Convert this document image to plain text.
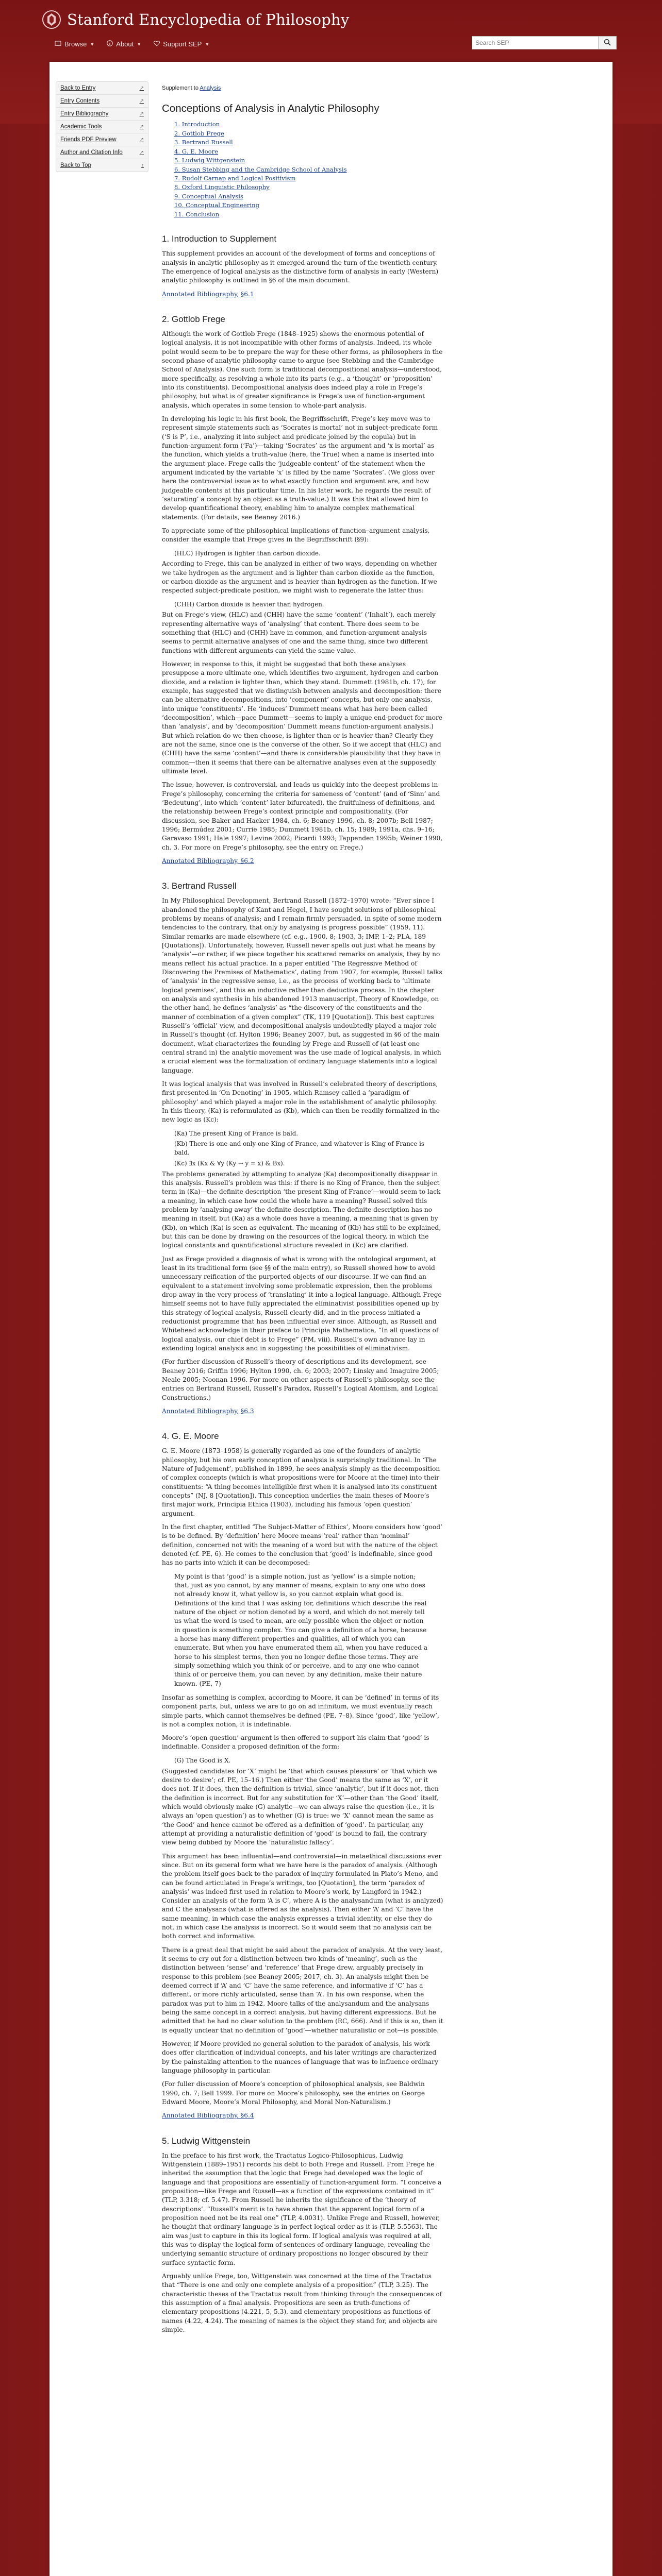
Stanford Encyclopedia of Philosophy
Browse ▼	About ▼	Support SEP ▼
Search SEP
Back to Entry	↗
Entry Contents	↗
Entry Bibliography	↗
Academic Tools	↗
Friends PDF Preview	↗
Author and Citation Info	↗
Back to Top	↑
Supplement to Analysis
Conceptions of Analysis in Analytic Philosophy
1. Introduction
2. Gottlob Frege
3. Bertrand Russell
4. G. E. Moore
5. Ludwig Wittgenstein
6. Susan Stebbing and the Cambridge School of Analysis
7. Rudolf Carnap and Logical Positivism
8. Oxford Linguistic Philosophy
9. Conceptual Analysis
10. Conceptual Engineering
11. Conclusion
1. Introduction to Supplement

This supplement provides an account of the development of forms and conceptions of analysis in analytic philosophy as it emerged around the turn of the twentieth century. The emergence of logical analysis as the distinctive form of analysis in early (Western) analytic philosophy is outlined in §6 of the main document.

Annotated Bibliography, §6.1
2. Gottlob Frege

Although the work of Gottlob Frege (1848–1925) shows the enormous potential of logical analysis, it is not incompatible with other forms of analysis. Indeed, its whole point would seem to be to prepare the way for these other forms, as philosophers in the second phase of analytic philosophy came to argue (see Stebbing and the Cambridge School of Analysis). One such form is traditional decompositional analysis—understood, more specifically, as resolving a whole into its parts (e.g., a ‘thought’ or ‘proposition’ into its constituents). Decompositional analysis does indeed play a role in Frege’s philosophy, but what is of greater significance is Frege’s use of function-argument analysis, which operates in some tension to whole-part analysis.

In developing his logic in his first book, the Begriffsschrift, Frege’s key move was to represent simple statements such as ‘Socrates is mortal’ not in subject-predicate form (‘S is P’, i.e., analyzing it into subject and predicate joined by the copula) but in function-argument form (‘Fa’)—taking ‘Socrates’ as the argument and ‘x is mortal’ as the function, which yields a truth-value (here, the True) when a name is inserted into the argument place. Frege calls the ‘judgeable content’ of the statement when the argument indicated by the variable ‘x’ is filled by the name ‘Socrates’. (We gloss over here the controversial issue as to what exactly function and argument are, and how judgeable contents at this particular time. In his later work, he regards the result of ‘saturating’ a concept by an object as a truth-value.) It was this that allowed him to develop quantificational theory, enabling him to analyze complex mathematical statements. (For details, see Beaney 2016.)

To appreciate some of the philosophical implications of function–argument analysis, consider the example that Frege gives in the Begriffsschrift (§9):

(HLC) Hydrogen is lighter than carbon dioxide.

According to Frege, this can be analyzed in either of two ways, depending on whether we take hydrogen as the argument and is lighter than carbon dioxide as the function, or carbon dioxide as the argument and is heavier than hydrogen as the function. If we respected subject-predicate position, we might wish to regenerate the latter thus:

(CHH) Carbon dioxide is heavier than hydrogen.

But on Frege’s view, (HLC) and (CHH) have the same ‘content’ (‘Inhalt’), each merely representing alternative ways of ‘analysing’ that content. There does seem to be something that (HLC) and (CHH) have in common, and function-argument analysis seems to permit alternative analyses of one and the same thing, since two different functions with different arguments can yield the same value.

However, in response to this, it might be suggested that both these analyses presuppose a more ultimate one, which identifies two argument, hydrogen and carbon dioxide, and a relation is lighter than, which they stand. Dummett (1981b, ch. 17), for example, has suggested that we distinguish between analysis and decomposition: there can be alternative decompositions, into ‘component’ concepts, but only one analysis, into unique ‘constituents’. He ‘induces’ Dummett means what has here been called ‘decomposition’, which—pace Dummett—seems to imply a unique end-product for more than ‘analysis’, and by ‘decomposition’ Dummett means function-argument analysis.) But which relation do we then choose, is lighter than or is heavier than? Clearly they are not the same, since one is the converse of the other. So if we accept that (HLC) and (CHH) have the same ‘content’—and there is considerable plausibility that they have in common—then it seems that there can be alternative analyses even at the supposedly ultimate level.

The issue, however, is controversial, and leads us quickly into the deepest problems in Frege’s philosophy, concerning the criteria for sameness of ‘content’ (and of ‘Sinn’ and ‘Bedeutung’, into which ‘content’ later bifurcated), the fruitfulness of definitions, and the relationship between Frege’s context principle and compositionality. (For discussion, see Baker and Hacker 1984, ch. 6; Beaney 1996, ch. 8; 2007b; Bell 1987; 1996; Bermúdez 2001; Currie 1985; Dummett 1981b, ch. 15; 1989; 1991a, chs. 9–16; Garavaso 1991; Hale 1997; Levine 2002; Picardi 1993; Tappenden 1995b; Weiner 1990, ch. 3. For more on Frege’s philosophy, see the entry on Frege.)

Annotated Bibliography, §6.2
3. Bertrand Russell

In My Philosophical Development, Bertrand Russell (1872–1970) wrote: “Ever since I abandoned the philosophy of Kant and Hegel, I have sought solutions of philosophical problems by means of analysis; and I remain firmly persuaded, in spite of some modern tendencies to the contrary, that only by analysing is progress possible” (1959, 11). Similar remarks are made elsewhere (cf. e.g., 1900, 8; 1903, 3; IMP, 1–2; PLA, 189 [Quotations]). Unfortunately, however, Russell never spells out just what he means by ‘analysis’—or rather, if we piece together his scattered remarks on analysis, they by no means reflect his actual practice. In a paper entitled ‘The Regressive Method of Discovering the Premises of Mathematics’, dating from 1907, for example, Russell talks of ‘analysis’ in the regressive sense, i.e., as the process of working back to ‘ultimate logical premises’, and this an inductive rather than deductive process. In the chapter on analysis and synthesis in his abandoned 1913 manuscript, Theory of Knowledge, on the other hand, he defines ‘analysis’ as “the discovery of the constituents and the manner of combination of a given complex” (TK, 119 [Quotation]). This best captures Russell’s ‘official’ view, and decompositional analysis undoubtedly played a major role in Russell’s thought (cf. Hylton 1996; Beaney 2007, but, as suggested in §6 of the main document, what characterizes the founding by Frege and Russell of (at least one central strand in) the analytic movement was the use made of logical analysis, in which a crucial element was the formalization of ordinary language statements into a logical language.

It was logical analysis that was involved in Russell’s celebrated theory of descriptions, first presented in ‘On Denoting’ in 1905, which Ramsey called a ‘paradigm of philosophy’ and which played a major role in the establishment of analytic philosophy. In this theory, (Ka) is reformulated as (Kb), which can then be readily formalized in the new logic as (Kc):

(Ka) The present King of France is bald.
(Kb) There is one and only one King of France, and whatever is King of France is bald.
(Kc) ∃x (Kx & ∀y (Ky → y = x) & Bx).

The problems generated by attempting to analyze (Ka) decompositionally disappear in this analysis. Russell’s problem was this: if there is no King of France, then the subject term in (Ka)—the definite description ‘the present King of France’—would seem to lack a meaning, in which case how could the whole have a meaning? Russell solved this problem by ‘analysing away’ the definite description. The definite description has no meaning in itself, but (Ka) as a whole does have a meaning, a meaning that is given by (Kb), on which (Ka) is seen as equivalent. The meaning of (Kb) has still to be explained, but this can be done by drawing on the resources of the logical theory, in which the logical constants and quantificational structure revealed in (Kc) are clarified.

Just as Frege provided a diagnosis of what is wrong with the ontological argument, at least in its traditional form (see §§ of the main entry), so Russell showed how to avoid unnecessary reification of the purported objects of our discourse. If we can find an equivalent to a statement involving some problematic expression, then the problems drop away in the very process of ‘translating’ it into a logical language. Although Frege himself seems not to have fully appreciated the eliminativist possibilities opened up by this strategy of logical analysis, Russell clearly did, and in the process initiated a reductionist programme that has been influential ever since. Although, as Russell and Whitehead acknowledge in their preface to Principia Mathematica, “In all questions of logical analysis, our chief debt is to Frege” (PM, viii). Russell’s own advance lay in extending logical analysis and in suggesting the possibilities of eliminativism.

(For further discussion of Russell’s theory of descriptions and its development, see Beaney 2016; Griffin 1996; Hylton 1990, ch. 6; 2003; 2007; Linsky and Imaguire 2005; Neale 2005; Noonan 1996. For more on other aspects of Russell’s philosophy, see the entries on Bertrand Russell, Russell’s Paradox, Russell’s Logical Atomism, and Logical Constructions.)

Annotated Bibliography, §6.3
4. G. E. Moore

G. E. Moore (1873–1958) is generally regarded as one of the founders of analytic philosophy, but his own early conception of analysis is surprisingly traditional. In ‘The Nature of Judgement’, published in 1899, he sees analysis simply as the decomposition of complex concepts (which is what propositions were for Moore at the time) into their constituents: “A thing becomes intelligible first when it is analysed into its constituent concepts” (NJ, 8 [Quotation]). This conception underlies the main theses of Moore’s first major work, Principia Ethica (1903), including his famous ‘open question’ argument.

In the first chapter, entitled ‘The Subject-Matter of Ethics’, Moore considers how ‘good’ is to be defined. By ‘definition’ here Moore means ‘real’ rather than ‘nominal’ definition, concerned not with the meaning of a word but with the nature of the object denoted (cf. PE, 6). He comes to the conclusion that ‘good’ is indefinable, since good has no parts into which it can be decomposed:

My point is that ‘good’ is a simple notion, just as ‘yellow’ is a simple notion; that, just as you cannot, by any manner of means, explain to any one who does not already know it, what yellow is, so you cannot explain what good is. Definitions of the kind that I was asking for, definitions which describe the real nature of the object or notion denoted by a word, and which do not merely tell us what the word is used to mean, are only possible when the object or notion in question is something complex. You can give a definition of a horse, because a horse has many different properties and qualities, all of which you can enumerate. But when you have enumerated them all, when you have reduced a horse to his simplest terms, then you no longer define those terms. They are simply something which you think of or perceive, and to any one who cannot think of or perceive them, you can never, by any definition, make their nature known. (PE, 7)

Insofar as something is complex, according to Moore, it can be ‘defined’ in terms of its component parts, but, unless we are to go on ad infinitum, we must eventually reach simple parts, which cannot themselves be defined (PE, 7–8). Since ‘good’, like ‘yellow’, is not a complex notion, it is indefinable.

Moore’s ‘open question’ argument is then offered to support his claim that ‘good’ is indefinable. Consider a proposed definition of the form:

(G) The Good is X.

(Suggested candidates for ‘X’ might be ‘that which causes pleasure’ or ‘that which we desire to desire’; cf. PE, 15–16.) Then either ‘the Good’ means the same as ‘X’, or it does not. If it does, then the definition is trivial, since ‘analytic’, but if it does not, then the definition is incorrect. But for any substitution for ‘X’—other than ‘the Good’ itself, which would obviously make (G) analytic—we can always raise the question (i.e., it is always an ‘open question’) as to whether (G) is true: we ‘X’ cannot mean the same as ‘the Good’ and hence cannot be offered as a definition of ‘good’. In particular, any attempt at providing a naturalistic definition of ‘good’ is bound to fail, the contrary view being dubbed by Moore the ‘naturalistic fallacy’.

This argument has been influential—and controversial—in metaethical discussions ever since. But on its general form what we have here is the paradox of analysis. (Although the problem itself goes back to the paradox of inquiry formulated in Plato’s Meno, and can be found articulated in Frege’s writings, too [Quotation], the term ‘paradox of analysis’ was indeed first used in relation to Moore’s work, by Langford in 1942.) Consider an analysis of the form ‘A is C’, where A is the analysandum (what is analyzed) and C the analysans (what is offered as the analysis). Then either ‘A’ and ‘C’ have the same meaning, in which case the analysis expresses a trivial identity, or else they do not, in which case the analysis is incorrect. So it would seem that no analysis can be both correct and informative.

There is a great deal that might be said about the paradox of analysis. At the very least, it seems to cry out for a distinction between two kinds of ‘meaning’, such as the distinction between ‘sense’ and ‘reference’ that Frege drew, arguably precisely in response to this problem (see Beaney 2005; 2017, ch. 3). An analysis might then be deemed correct if ‘A’ and ‘C’ have the same reference, and informative if ‘C’ has a different, or more richly articulated, sense than ‘A’. In his own response, when the paradox was put to him in 1942, Moore talks of the analysandum and the analysans being the same concept in a correct analysis, but having different expressions. But he admitted that he had no clear solution to the problem (RC, 666). And if this is so, then it is equally unclear that no definition of ‘good’—whether naturalistic or not—is possible.

However, if Moore provided no general solution to the paradox of analysis, his work does offer clarification of individual concepts, and his later writings are characterized by the painstaking attention to the nuances of language that was to influence ordinary language philosophy in particular.

(For fuller discussion of Moore’s conception of philosophical analysis, see Baldwin 1990, ch. 7; Bell 1999. For more on Moore’s philosophy, see the entries on George Edward Moore, Moore’s Moral Philosophy, and Moral Non-Naturalism.)

Annotated Bibliography, §6.4
5. Ludwig Wittgenstein

In the preface to his first work, the Tractatus Logico-Philosophicus, Ludwig Wittgenstein (1889–1951) records his debt to both Frege and Russell. From Frege he inherited the assumption that the logic that Frege had developed was the logic of language and that propositions are essentially of function-argument form. “I conceive a proposition—like Frege and Russell—as a function of the expressions contained in it” (TLP, 3.318; cf. 5.47). From Russell he inherits the significance of the ‘theory of descriptions’. “Russell’s merit is to have shown that the apparent logical form of a proposition need not be its real one” (TLP, 4.0031). Unlike Frege and Russell, however, he thought that ordinary language is in perfect logical order as it is (TLP, 5.5563). The aim was just to capture in this its logical form. If logical analysis was required at all, this was to display the logical form of sentences of ordinary language, revealing the underlying semantic structure of ordinary propositions no longer obscured by their surface syntactic form.

Arguably unlike Frege, too, Wittgenstein was concerned at the time of the Tractatus that “There is one and only one complete analysis of a proposition” (TLP, 3.25). The characteristic theses of the Tractatus result from thinking through the consequences of this assumption of a final analysis. Propositions are seen as truth-functions of elementary propositions (4.221, 5, 5.3), and elementary propositions as functions of names (4.22, 4.24). The meaning of names is the object they stand for, and objects are simple.
